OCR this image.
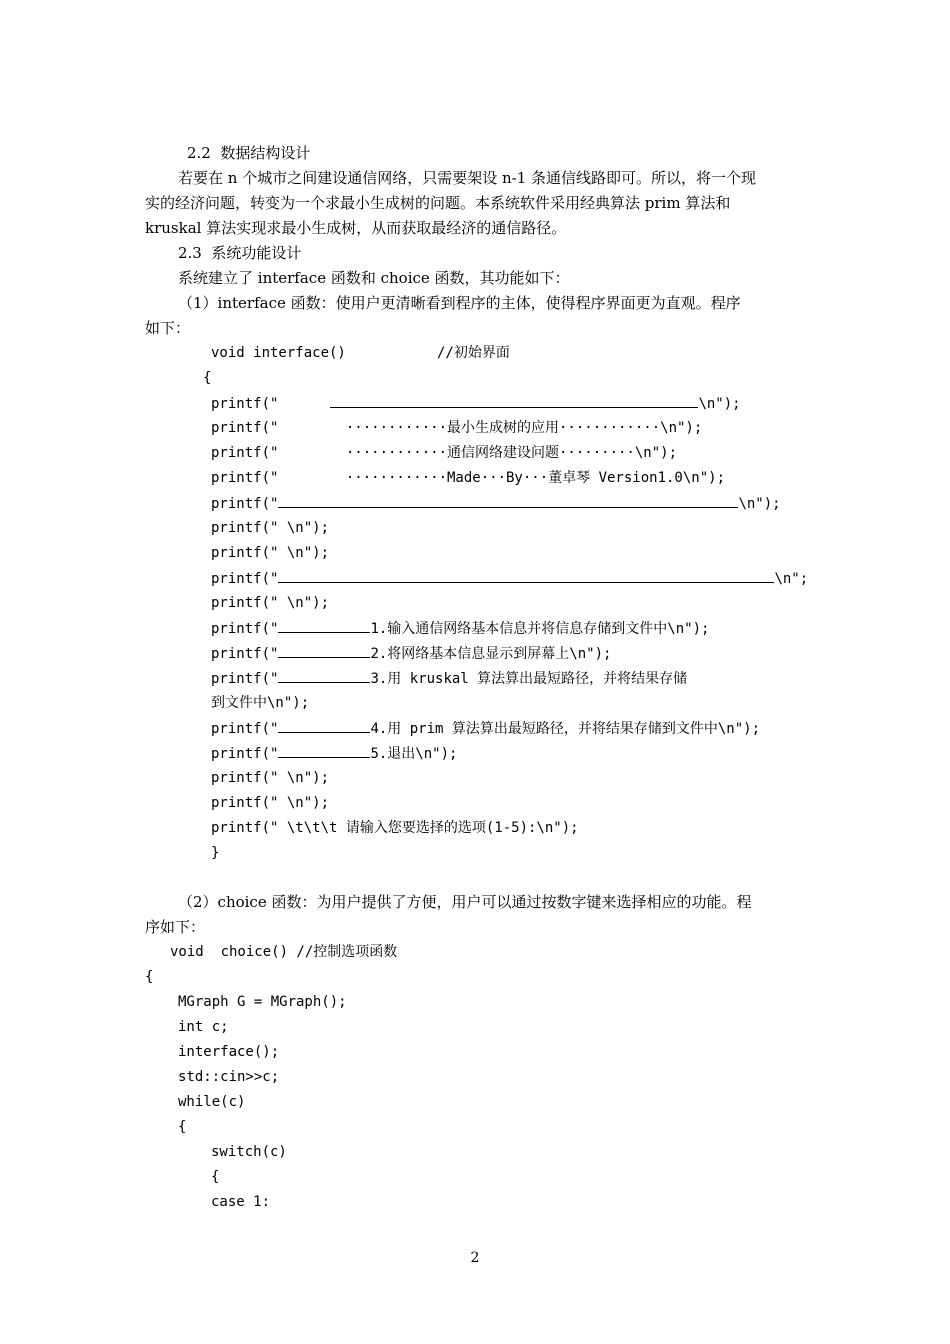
2.2  数据结构设计
若要在 n 个城市之间建设通信网络，只需要架设 n-1 条通信线路即可。所以，将一个现
实的经济问题，转变为一个求最小生成树的问题。本系统软件采用经典算法 prim 算法和
kruskal 算法实现求最小生成树，从而获取最经济的通信路径。
2.3  系统功能设计
系统建立了 interface 函数和 choice 函数，其功能如下：
（1）interface 函数：使用户更清晰看到程序的主体，使得程序界面更为直观。程序
如下：
void interface()	//初始界面
{
printf("	\n");
printf("        ············最小生成树的应用············\n");
printf("        ············通信网络建设问题·········\n");
printf("        ············Made···By···董卓琴 Version1.0\n");
printf("	\n");
printf(" \n");
printf(" \n");
printf("	\n";
printf(" \n");
printf("	1.输入通信网络基本信息并将信息存储到文件中\n");
printf("	2.将网络基本信息显示到屏幕上\n");
printf("	3.用 kruskal 算法算出最短路径，并将结果存储
到文件中\n");
printf("	4.用 prim 算法算出最短路径，并将结果存储到文件中\n");
printf("	5.退出\n");
printf(" \n");
printf(" \n");
printf(" \t\t\t 请输入您要选择的选项(1-5):\n");
}
（2）choice 函数：为用户提供了方便，用户可以通过按数字键来选择相应的功能。程
序如下：
void  choice() //控制选项函数
{
MGraph G = MGraph();
int c;
interface();
std::cin>>c;
while(c)
{
switch(c)
{
case 1:
2
